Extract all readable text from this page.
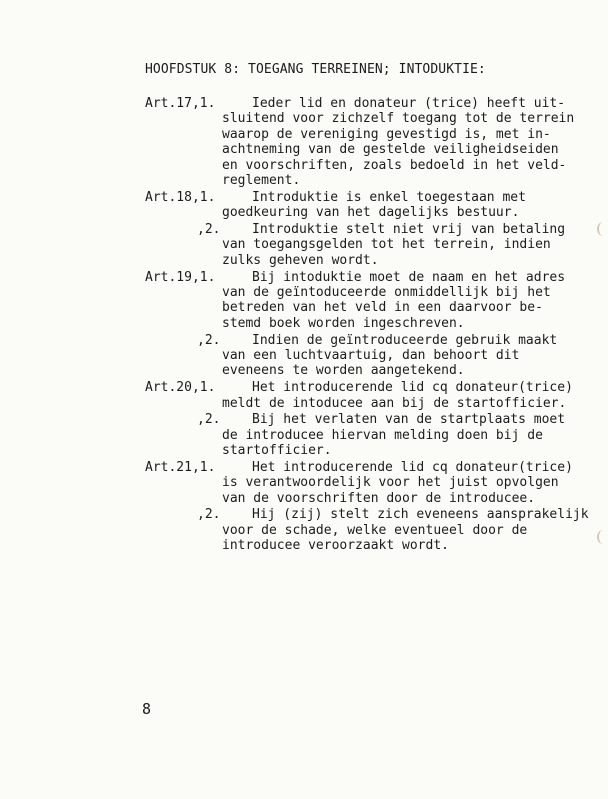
HOOFDSTUK 8: TOEGANG TERREINEN; INTODUKTIE:
Art.17,1.	Ieder lid en donateur (trice) heeft uit-
sluitend voor zichzelf toegang tot de terrein
waarop de vereniging gevestigd is, met in-
achtneming van de gestelde veiligheidseiden
en voorschriften, zoals bedoeld in het veld-
reglement.
Art.18,1.	Introduktie is enkel toegestaan met
goedkeuring van het dagelijks bestuur.
,2. Introduktie stelt niet vrij van betaling
van toegangsgelden tot het terrein, indien
zulks geheven wordt.
Art.19,1.	Bij intoduktie moet de naam en het adres
van de geïntoduceerde onmiddellijk bij het
betreden van het veld in een daarvoor be-
stemd boek worden ingeschreven.
,2. Indien de geïntroduceerde gebruik maakt
van een luchtvaartuig, dan behoort dit
eveneens te worden aangetekend.
Art.20,1.	Het introducerende lid cq donateur(trice)
meldt de intoducee aan bij de startofficier.
,2. Bij het verlaten van de startplaats moet
de introducee hiervan melding doen bij de
startofficier.
Art.21,1.	Het introducerende lid cq donateur(trice)
is verantwoordelijk voor het juist opvolgen
van de voorschriften door de introducee.
,2. Hij (zij) stelt zich eveneens aansprakelijk
voor de schade, welke eventueel door de
introducee veroorzaakt wordt.
8
